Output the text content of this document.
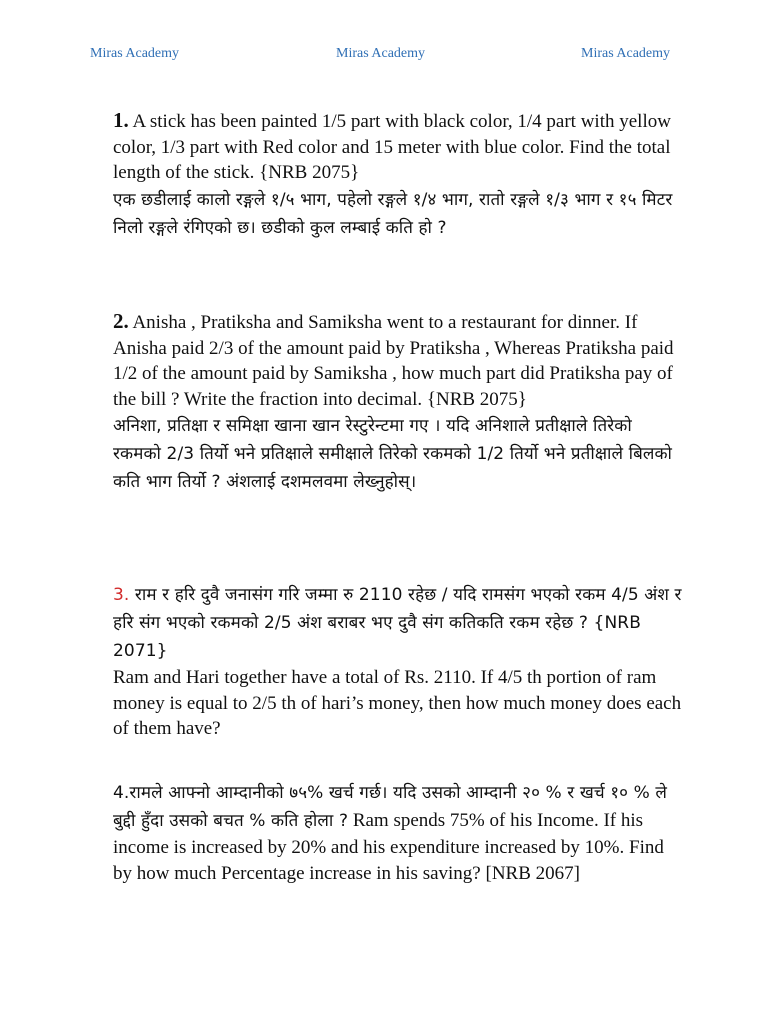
Miras Academy	Miras Academy	Miras Academy

1. A stick has been painted 1/5 part with black color, 1/4 part with yellow color, 1/3 part with Red color and 15 meter with blue color. Find the total length of the stick. {NRB 2075}

एक छडीलाई कालो रङ्गले १/५ भाग, पहेलो रङ्गले १/४ भाग, रातो रङ्गले १/३ भाग र १५ मिटर निलो रङ्गले रंगिएको छ। छडीको कुल लम्बाई कति हो ?

2. Anisha , Pratiksha and Samiksha went to a restaurant for dinner. If Anisha paid 2/3 of the amount paid by Pratiksha , Whereas Pratiksha paid 1/2 of the amount paid by Samiksha , how much part did Pratiksha pay of the bill ? Write the fraction into decimal. {NRB 2075}

अनिशा, प्रतिक्षा र समिक्षा खाना खान रेस्टुरेन्टमा गए । यदि अनिशाले प्रतीक्षाले तिरेको रकमको 2/3 तिर्यो भने प्रतिक्षाले समीक्षाले तिरेको रकमको 1/2 तिर्यो भने प्रतीक्षाले बिलको कति भाग तिर्यो ? अंशलाई दशमलवमा लेख्नुहोस्।

3. राम र हरि दुवै जनासंग गरि जम्मा रु 2110 रहेछ / यदि रामसंग भएको रकम 4/5 अंश र हरि संग भएको रकमको 2/5 अंश बराबर भए दुवै संग कतिकति रकम रहेछ ? {NRB 2071}

Ram and Hari together have a total of Rs. 2110. If 4/5 th portion of ram money is equal to 2/5 th of hari’s money, then how much money does each of them have?

4.रामले आफ्नो आम्दानीको ७५% खर्च गर्छ। यदि उसको आम्दानी २० % र खर्च १० % ले बुद्दी हुँदा उसको बचत % कति होला ? Ram spends 75% of his Income. If his income is increased by 20% and his expenditure increased by 10%. Find by how much Percentage increase in his saving? [NRB 2067]
